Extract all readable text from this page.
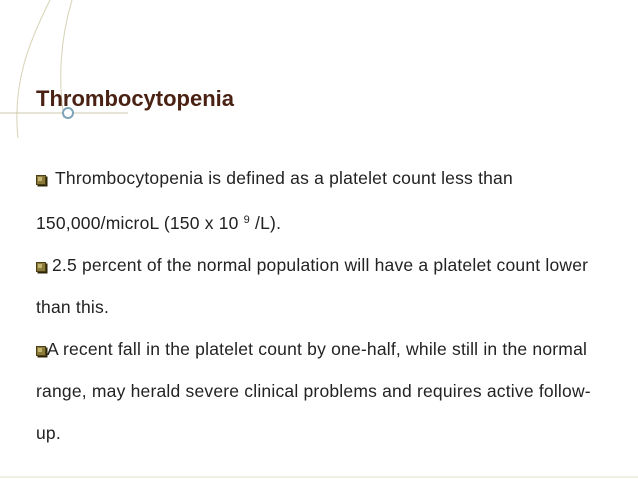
Thrombocytopenia
Thrombocytopenia is defined as a platelet count less than 150,000/microL (150 x 10 $^9$ /L).
2.5 percent of the normal population will have a platelet count lower than this.
A recent fall in the platelet count by one-half, while still in the normal range, may herald severe clinical problems and requires active follow-up.
